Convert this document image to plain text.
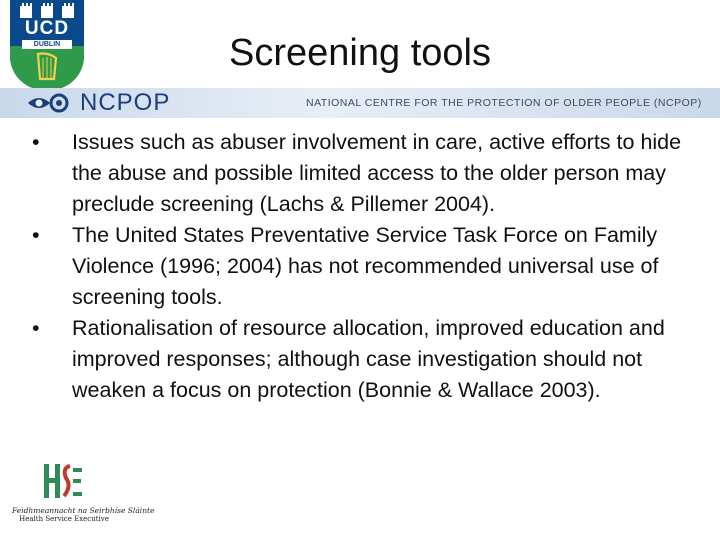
UCD
DUBLIN	Screening tools
NCPOP	NATIONAL CENTRE FOR THE PROTECTION OF OLDER PEOPLE (NCPOP)
•	Issues such as abuser involvement in care, active efforts to hide the abuse and possible limited access to the older person may preclude screening (Lachs & Pillemer 2004).
•	The United States Preventative Service Task Force on Family Violence (1996; 2004) has not recommended universal use of screening tools.
•	Rationalisation of resource allocation, improved education and improved responses; although case investigation should not weaken a focus on protection (Bonnie & Wallace 2003).
Feidhmeannacht na Seirbhíse Sláinte
Health Service Executive
